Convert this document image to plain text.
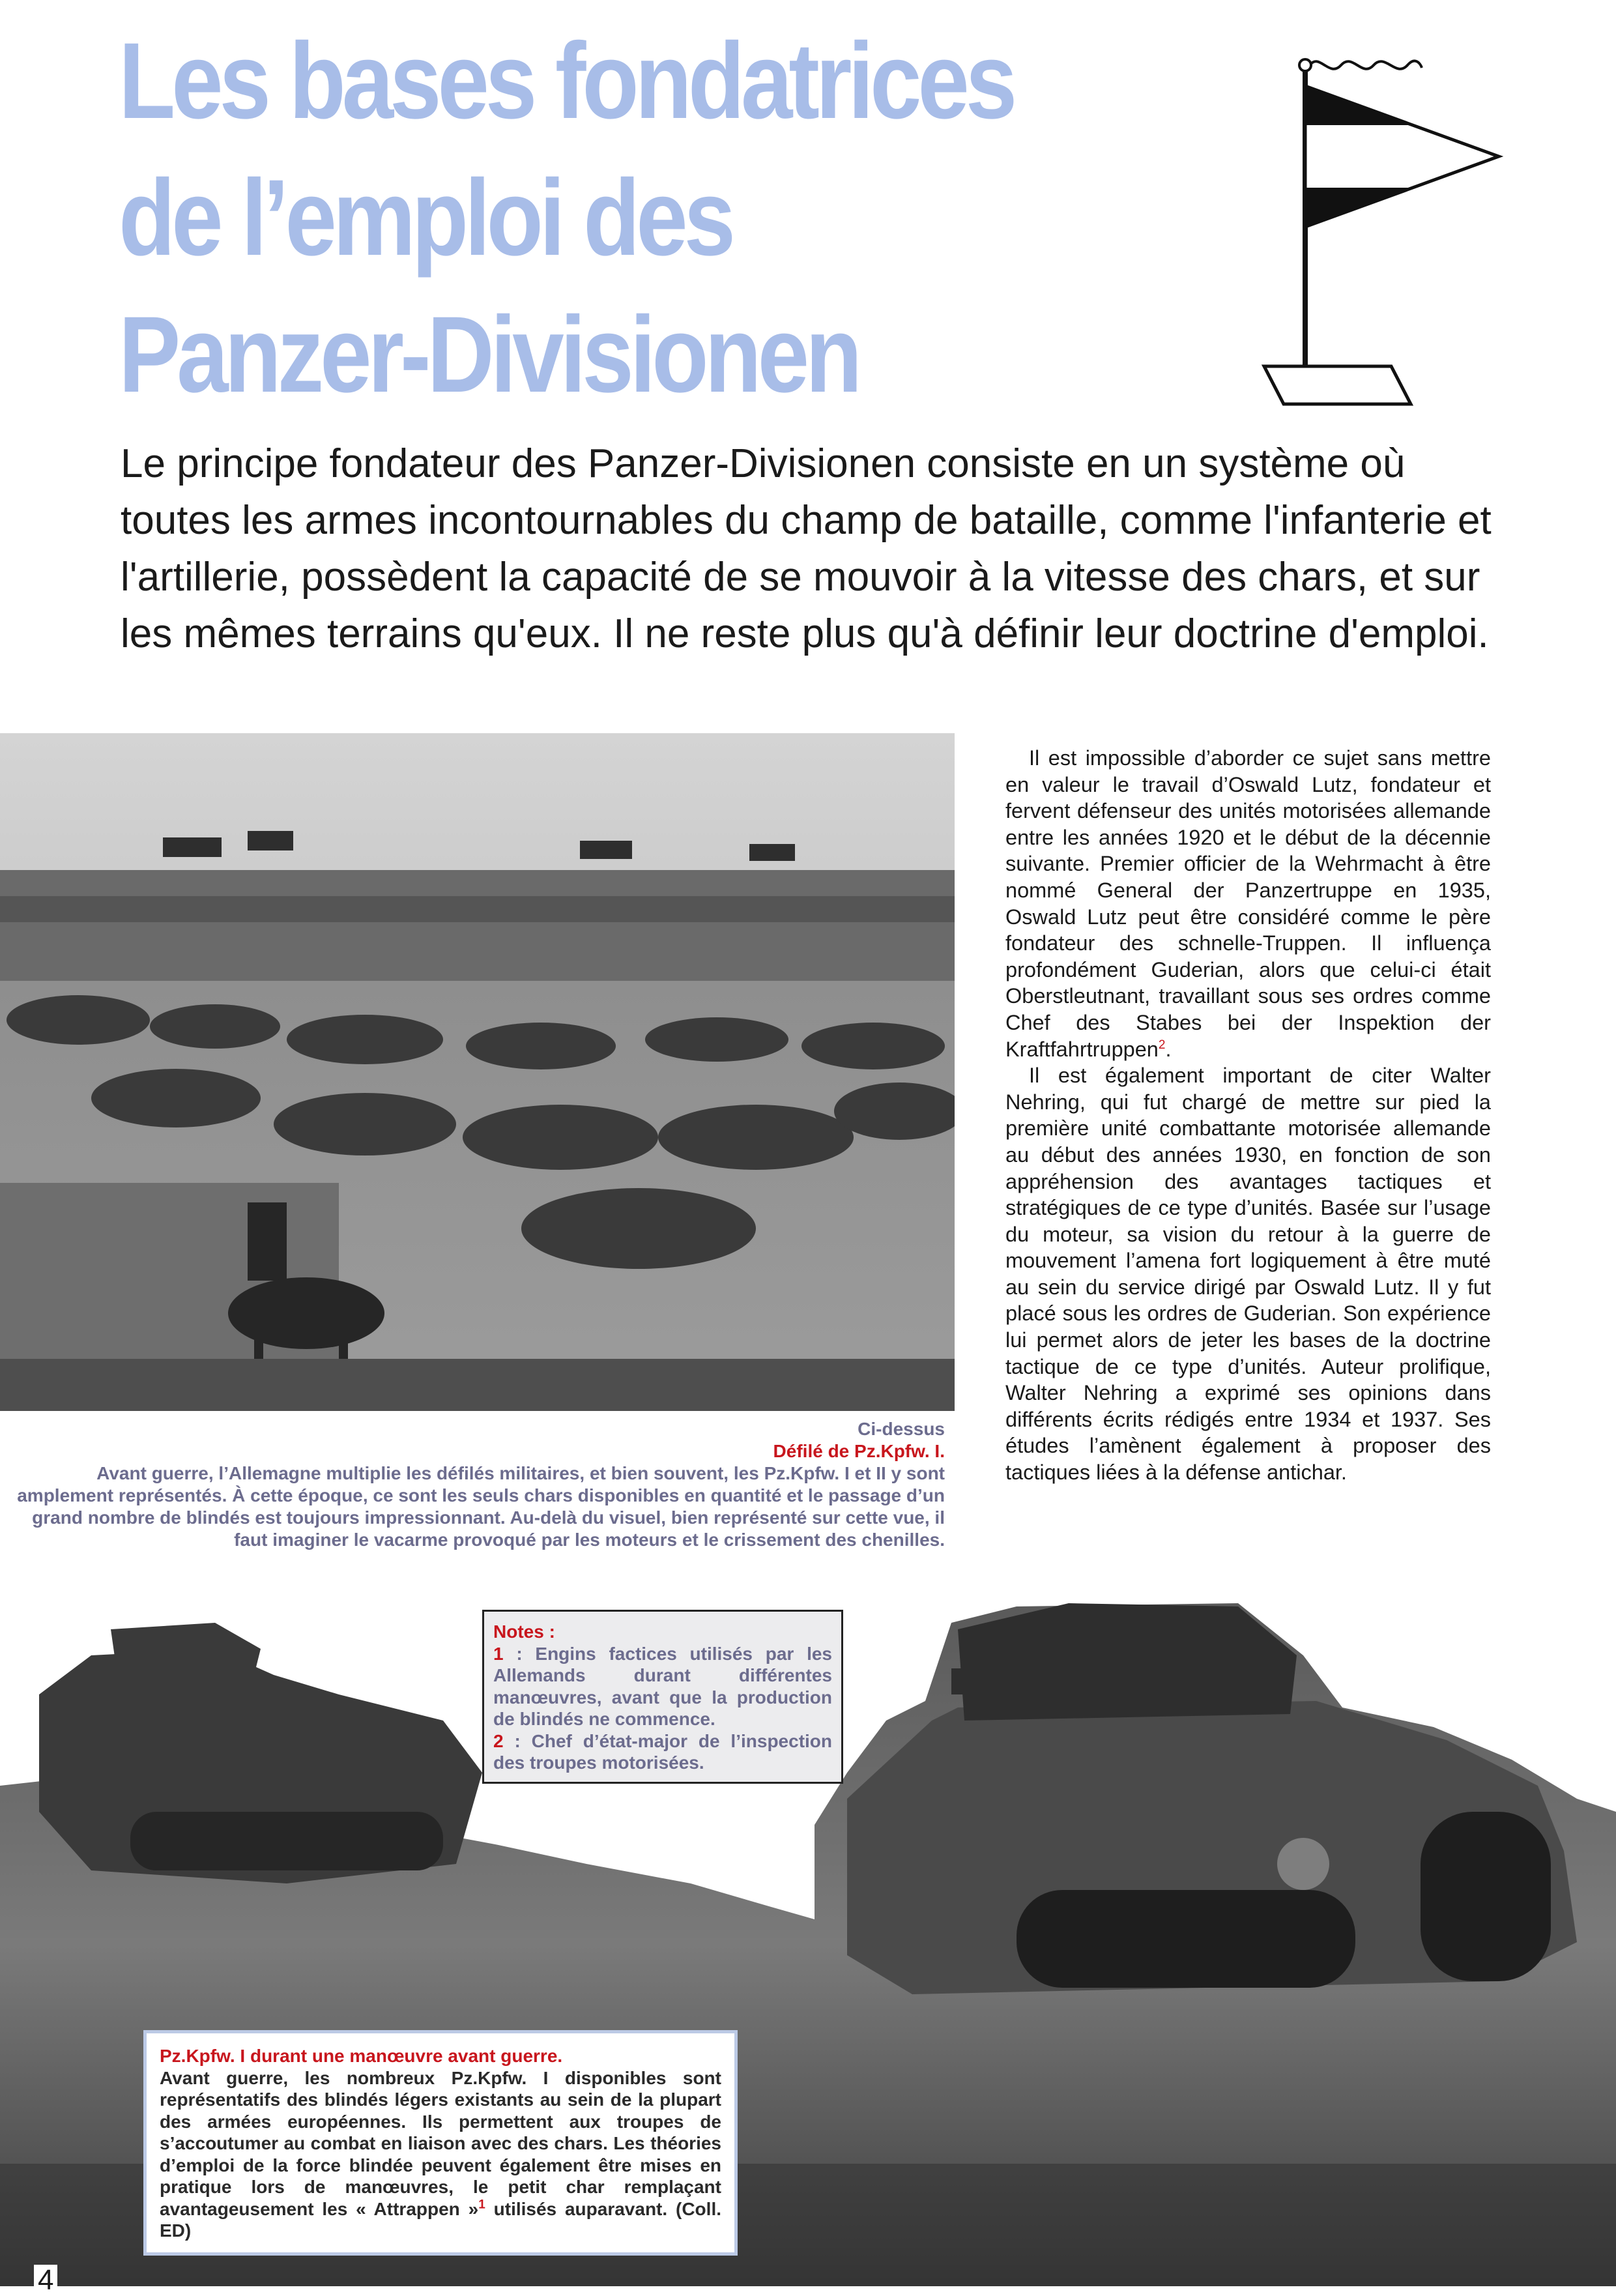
Les bases fondatrices
de l’emploi des
Panzer-Divisionen

Le principe fondateur des Panzer-Divisionen consiste en un système où toutes les armes incontournables du champ de bataille, comme l'infanterie et l'artillerie, possèdent la capacité de se mouvoir à la vitesse des chars, et sur les mêmes terrains qu'eux. Il ne reste plus qu'à définir leur doctrine d'emploi.

Ci-dessus
Défilé de Pz.Kpfw. I.
Avant guerre, l’Allemagne multiplie les défilés militaires, et bien souvent, les Pz.Kpfw. I et II y sont amplement représentés. À cette époque, ce sont les seuls chars disponibles en quantité et le passage d’un grand nombre de blindés est toujours impressionnant. Au-delà du visuel, bien représenté sur cette vue, il faut imaginer le vacarme provoqué par les moteurs et le crissement des chenilles.

Il est impossible d’aborder ce sujet sans mettre en valeur le travail d’Oswald Lutz, fondateur et fervent défenseur des unités motorisées allemande entre les années 1920 et le début de la décennie suivante. Premier officier de la Wehrmacht à être nommé General der Panzertruppe en 1935, Oswald Lutz peut être considéré comme le père fondateur des schnelle-Truppen. Il influença profondément Guderian, alors que celui-ci était Oberstleutnant, travaillant sous ses ordres comme Chef des Stabes bei der Inspektion der Kraftfahrtruppen$^2$.

Il est également important de citer Walter Nehring, qui fut chargé de mettre sur pied la première unité combattante motorisée allemande au début des années 1930, en fonction de son appréhension des avantages tactiques et stratégiques de ce type d’unités. Basée sur l’usage du moteur, sa vision du retour à la guerre de mouvement l’amena fort logiquement à être muté au sein du service dirigé par Oswald Lutz. Il y fut placé sous les ordres de Guderian. Son expérience lui permet alors de jeter les bases de la doctrine tactique de ce type d’unités. Auteur prolifique, Walter Nehring a exprimé ses opinions dans différents écrits rédigés entre 1934 et 1937. Ses études l’amènent également à proposer des tactiques liées à la défense antichar.

Notes :

1 : Engins factices utilisés par les Allemands durant différentes manœuvres, avant que la production de blindés ne commence.

2 : Chef d’état-major de l’inspection des troupes motorisées.

Pz.Kpfw. I durant une manœuvre avant guerre.

Avant guerre, les nombreux Pz.Kpfw. I disponibles sont représentatifs des blindés légers existants au sein de la plupart des armées européennes. Ils permettent aux troupes de s’accoutumer au combat en liaison avec des chars. Les théories d’emploi de la force blindée peuvent également être mises en pratique lors de manœuvres, le petit char remplaçant avantageusement les « Attrappen »$^1$ utilisés auparavant. (Coll. ED)

4
